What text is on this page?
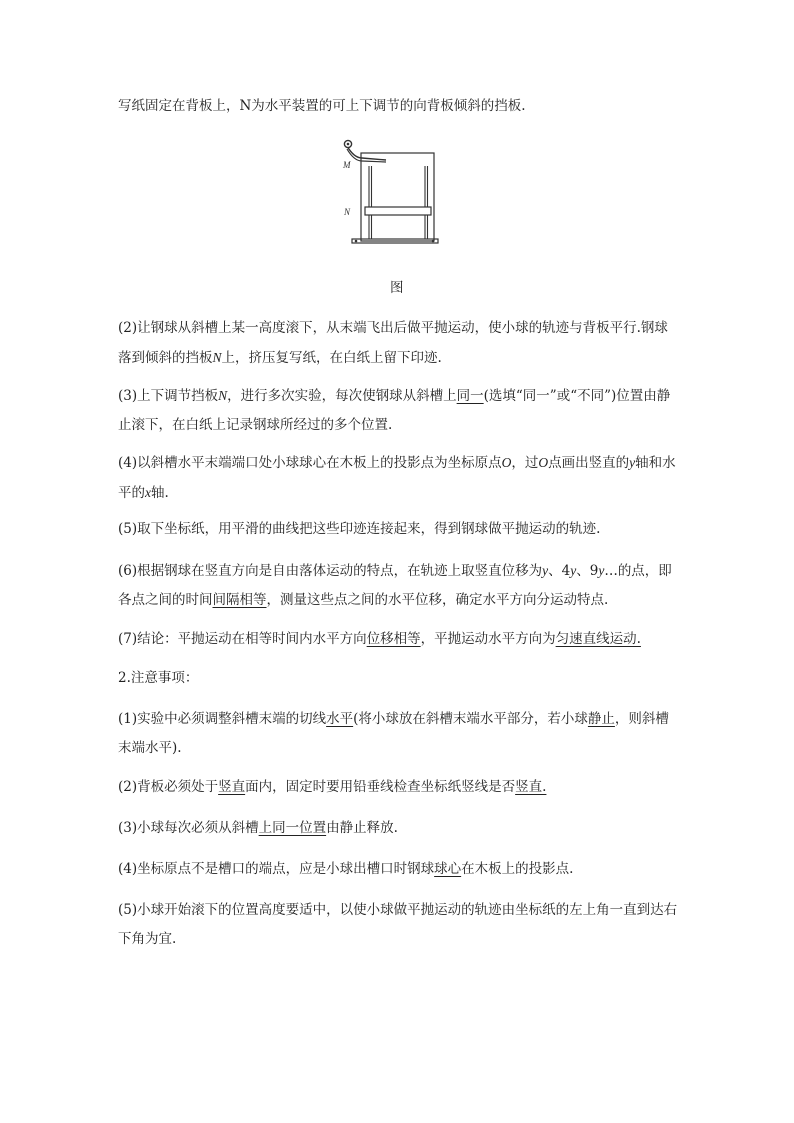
写纸固定在背板上，N为水平装置的可上下调节的向背板倾斜的挡板.

M
N
图

(2)让钢球从斜槽上某一高度滚下，从末端飞出后做平抛运动，使小球的轨迹与背板平行.钢球落到倾斜的挡板N上，挤压复写纸，在白纸上留下印迹.

(3)上下调节挡板N，进行多次实验，每次使钢球从斜槽上同一(选填“同一”或“不同”)位置由静止滚下，在白纸上记录钢球所经过的多个位置.

(4)以斜槽水平末端端口处小球球心在木板上的投影点为坐标原点O，过O点画出竖直的y轴和水平的x轴.

(5)取下坐标纸，用平滑的曲线把这些印迹连接起来，得到钢球做平抛运动的轨迹.

(6)根据钢球在竖直方向是自由落体运动的特点，在轨迹上取竖直位移为y、4y、9y…的点，即各点之间的时间间隔相等，测量这些点之间的水平位移，确定水平方向分运动特点.

(7)结论：平抛运动在相等时间内水平方向位移相等，平抛运动水平方向为匀速直线运动.

2.注意事项：

(1)实验中必须调整斜槽末端的切线水平(将小球放在斜槽末端水平部分，若小球静止，则斜槽末端水平).

(2)背板必须处于竖直面内，固定时要用铅垂线检查坐标纸竖线是否竖直.

(3)小球每次必须从斜槽上同一位置由静止释放.

(4)坐标原点不是槽口的端点，应是小球出槽口时钢球球心在木板上的投影点.

(5)小球开始滚下的位置高度要适中，以使小球做平抛运动的轨迹由坐标纸的左上角一直到达右下角为宜.
